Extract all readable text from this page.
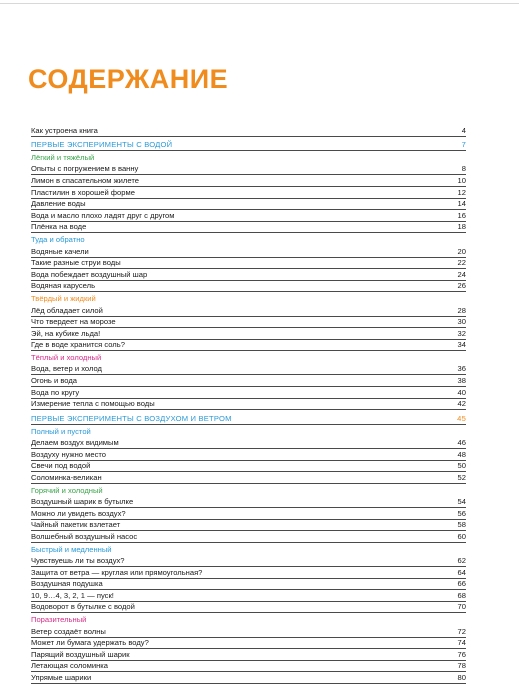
СОДЕРЖАНИЕ
Как устроена книга	4
ПЕРВЫЕ ЭКСПЕРИМЕНТЫ С ВОДОЙ	7
Лёгкий и тяжёлый
Опыты с погружением в ванну	8
Лимон в спасательном жилете	10
Пластилин в хорошей форме	12
Давление воды	14
Вода и масло плохо ладят друг с другом	16
Плёнка на воде	18
Туда и обратно
Водяные качели	20
Такие разные струи воды	22
Вода побеждает воздушный шар	24
Водяная карусель	26
Твёрдый и жидкий
Лёд обладает силой	28
Что твердеет на морозе	30
Эй, на кубике льда!	32
Где в воде хранится соль?	34
Тёплый и холодный
Вода, ветер и холод	36
Огонь и вода	38
Вода по кругу	40
Измерение тепла с помощью воды	42
ПЕРВЫЕ ЭКСПЕРИМЕНТЫ С ВОЗДУХОМ И ВЕТРОМ	45
Полный и пустой
Делаем воздух видимым	46
Воздуху нужно место	48
Свечи под водой	50
Соломинка-великан	52
Горячий и холодный
Воздушный шарик в бутылке	54
Можно ли увидеть воздух?	56
Чайный пакетик взлетает	58
Волшебный воздушный насос	60
Быстрый и медленный
Чувствуешь ли ты воздух?	62
Защита от ветра — круглая или прямоугольная?	64
Воздушная подушка	66
10, 9…4, 3, 2, 1 — пуск!	68
Водоворот в бутылке с водой	70
Поразительный
Ветер создаёт волны	72
Может ли бумага удержать воду?	74
Парящий воздушный шарик	76
Летающая соломинка	78
Упрямые шарики	80
